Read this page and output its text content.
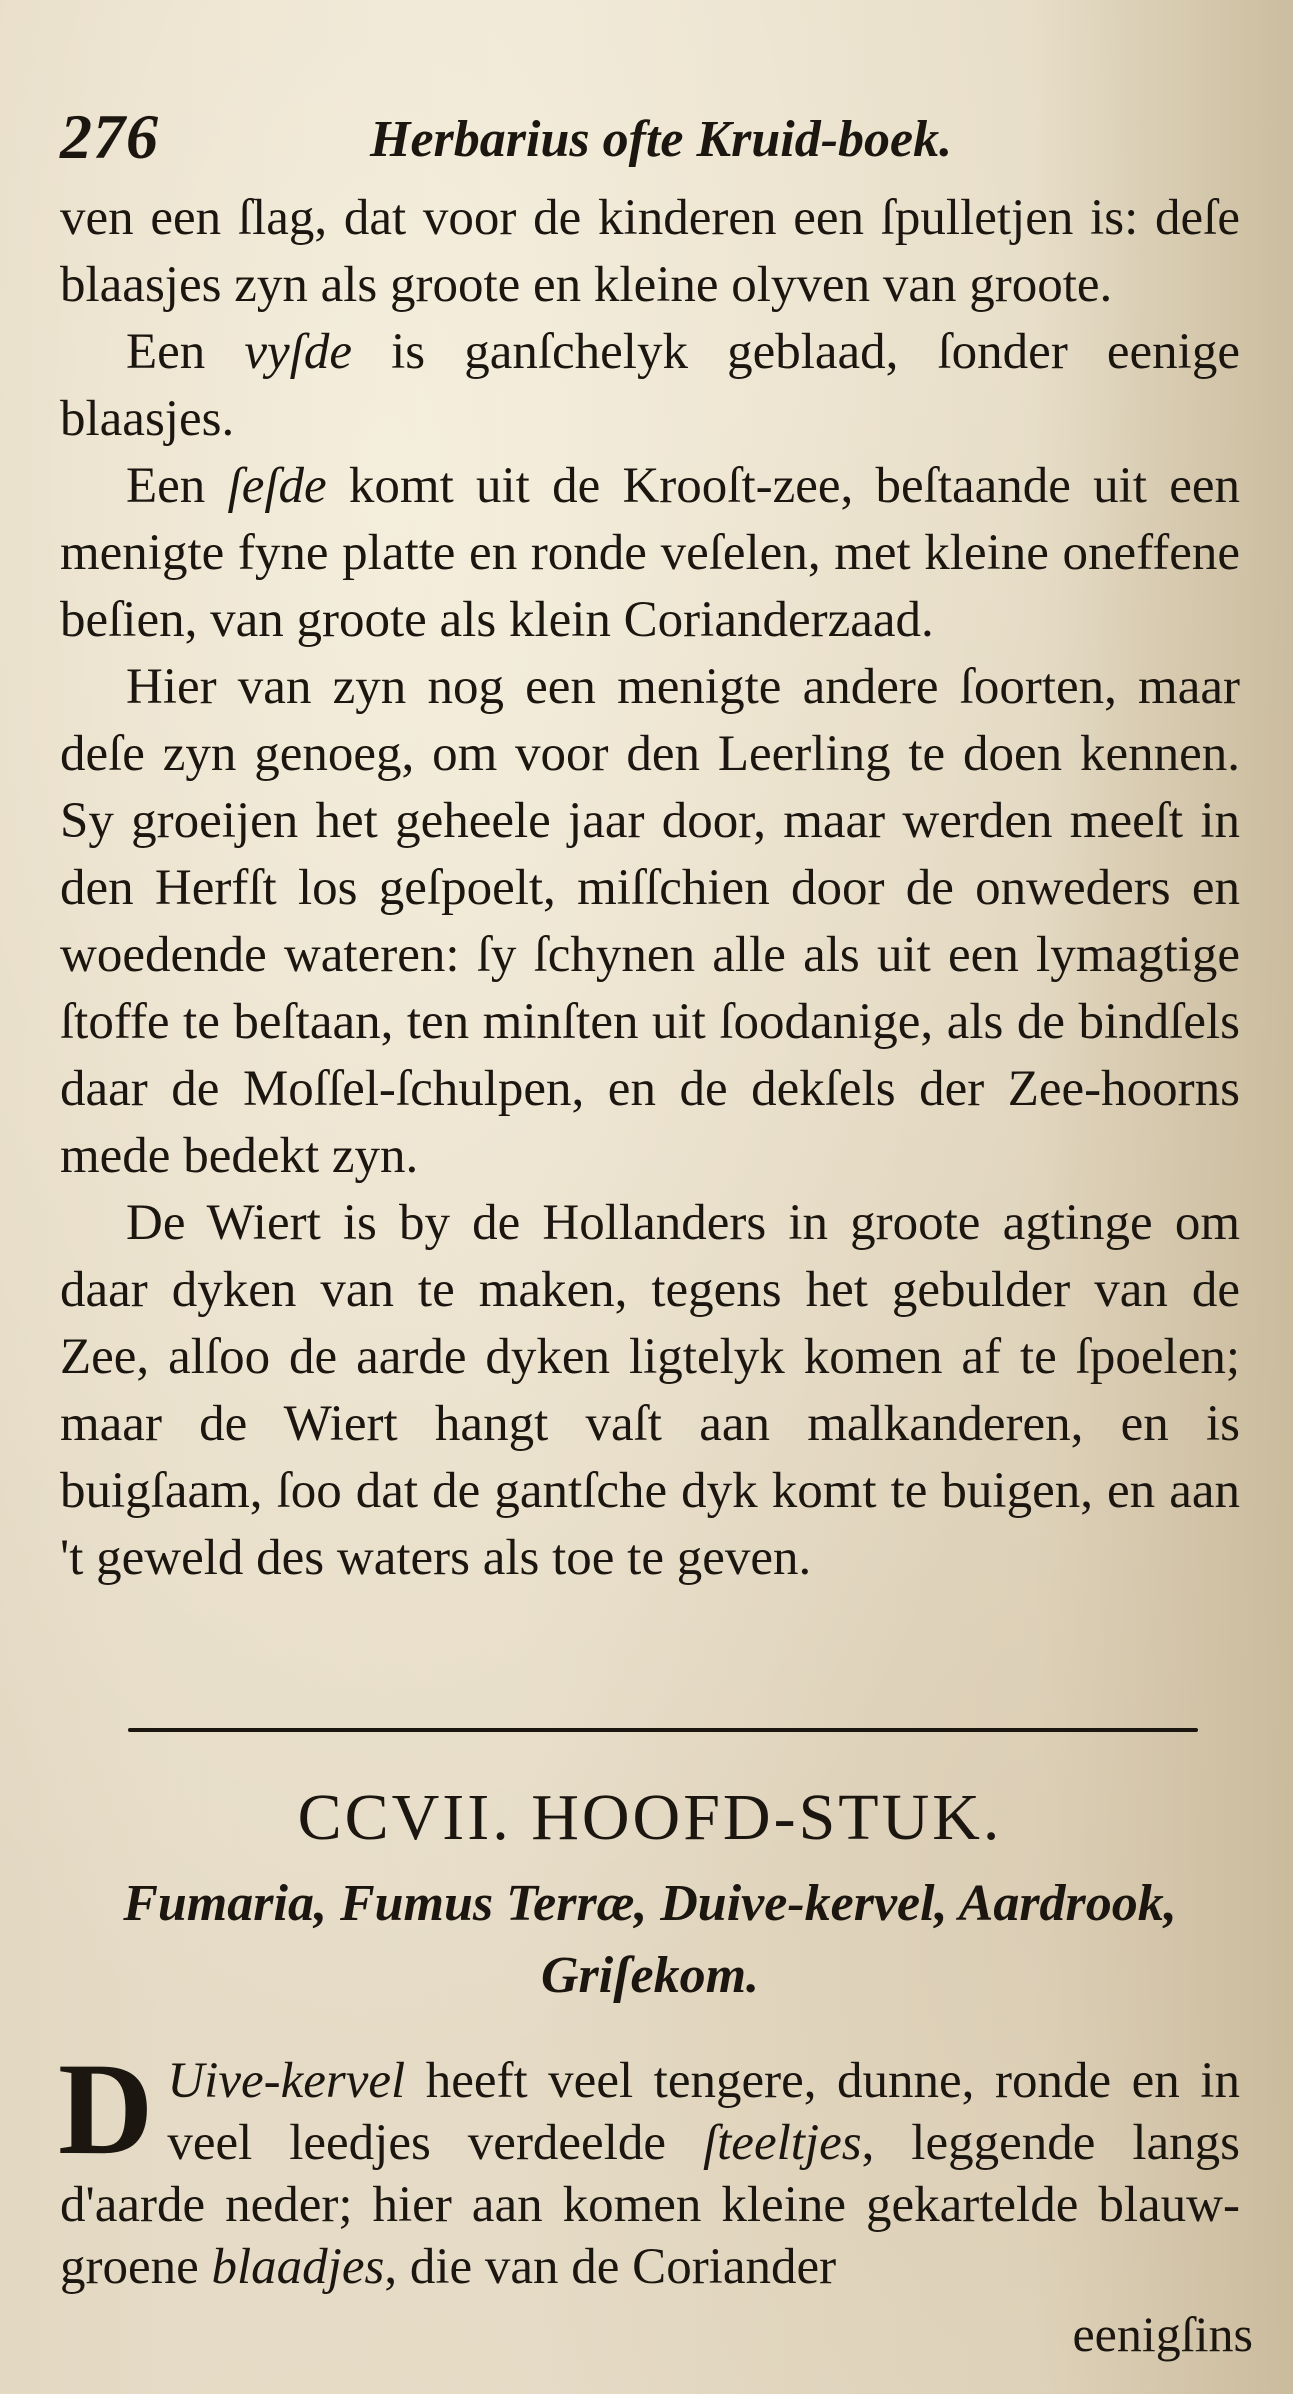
276	Herbarius ofte Kruid-boek.

ven een ſlag, dat voor de kinderen een ſpulletjen is: deſe blaasjes zyn als groote en kleine olyven van groote.

Een vyſde is ganſchelyk geblaad, ſonder eenige blaasjes.

Een ſeſde komt uit de Krooſt-zee, beſtaande uit een menigte fyne platte en ronde veſelen, met kleine oneffene beſien, van groote als klein Corianderzaad.

Hier van zyn nog een menigte andere ſoorten, maar deſe zyn genoeg, om voor den Leerling te doen kennen. Sy groeijen het geheele jaar door, maar werden meeſt in den Herfſt los geſpoelt, miſſchien door de onweders en woedende wateren: ſy ſchynen alle als uit een lymagtige ſtoffe te beſtaan, ten minſten uit ſoodanige, als de bindſels daar de Moſſel-ſchulpen, en de dekſels der Zee-hoorns mede bedekt zyn.

De Wiert is by de Hollanders in groote agtinge om daar dyken van te maken, tegens het gebulder van de Zee, alſoo de aarde dyken ligtelyk komen af te ſpoelen; maar de Wiert hangt vaſt aan malkanderen, en is buigſaam, ſoo dat de gantſche dyk komt te buigen, en aan 't geweld des waters als toe te geven.

CCVII. HOOFD-STUK.
Fumaria, Fumus Terræ, Duive-kervel, Aardrook, Griſekom.

D Uive-kervel heeft veel tengere, dunne, ronde en in veel leedjes verdeelde ſteeltjes, leggende langs d'aarde neder; hier aan komen kleine gekartelde blauw-groene blaadjes, die van de Coriander

eenigſins
